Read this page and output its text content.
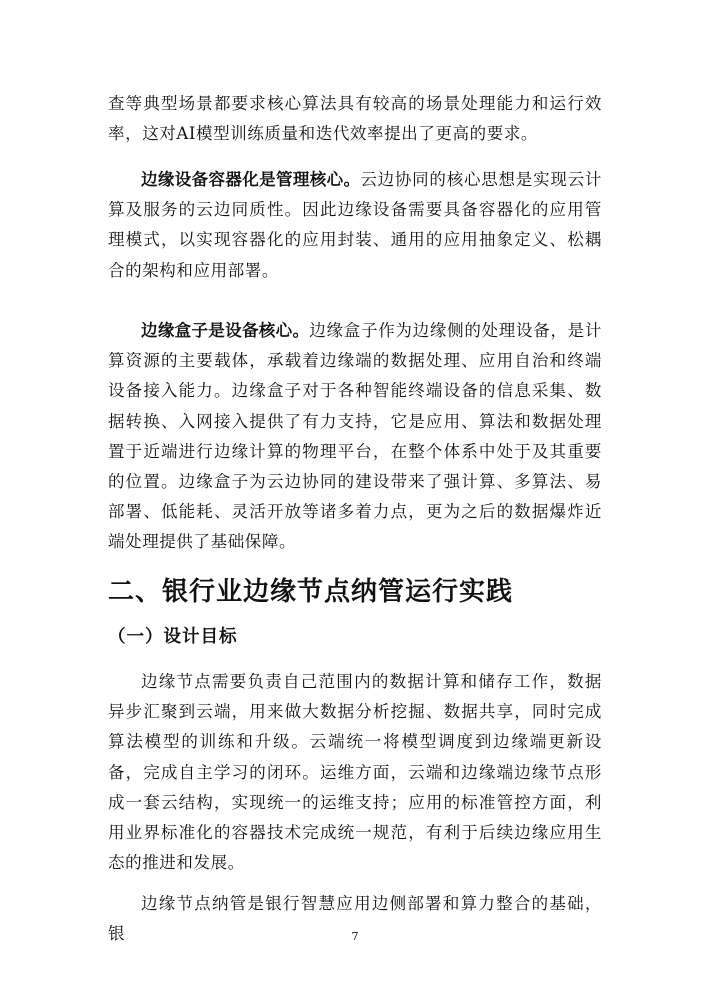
查等典型场景都要求核心算法具有较高的场景处理能力和运行效率，这对AI模型训练质量和迭代效率提出了更高的要求。

边缘设备容器化是管理核心。云边协同的核心思想是实现云计算及服务的云边同质性。因此边缘设备需要具备容器化的应用管理模式，以实现容器化的应用封装、通用的应用抽象定义、松耦合的架构和应用部署。

边缘盒子是设备核心。边缘盒子作为边缘侧的处理设备，是计算资源的主要载体，承载着边缘端的数据处理、应用自治和终端设备接入能力。边缘盒子对于各种智能终端设备的信息采集、数据转换、入网接入提供了有力支持，它是应用、算法和数据处理置于近端进行边缘计算的物理平台，在整个体系中处于及其重要的位置。边缘盒子为云边协同的建设带来了强计算、多算法、易部署、低能耗、灵活开放等诸多着力点，更为之后的数据爆炸近端处理提供了基础保障。

二、银行业边缘节点纳管运行实践
（一）设计目标

边缘节点需要负责自己范围内的数据计算和储存工作，数据异步汇聚到云端，用来做大数据分析挖掘、数据共享，同时完成算法模型的训练和升级。云端统一将模型调度到边缘端更新设备，完成自主学习的闭环。运维方面，云端和边缘端边缘节点形成一套云结构，实现统一的运维支持；应用的标准管控方面，利用业界标准化的容器技术完成统一规范，有利于后续边缘应用生态的推进和发展。

边缘节点纳管是银行智慧应用边侧部署和算力整合的基础，银	7
